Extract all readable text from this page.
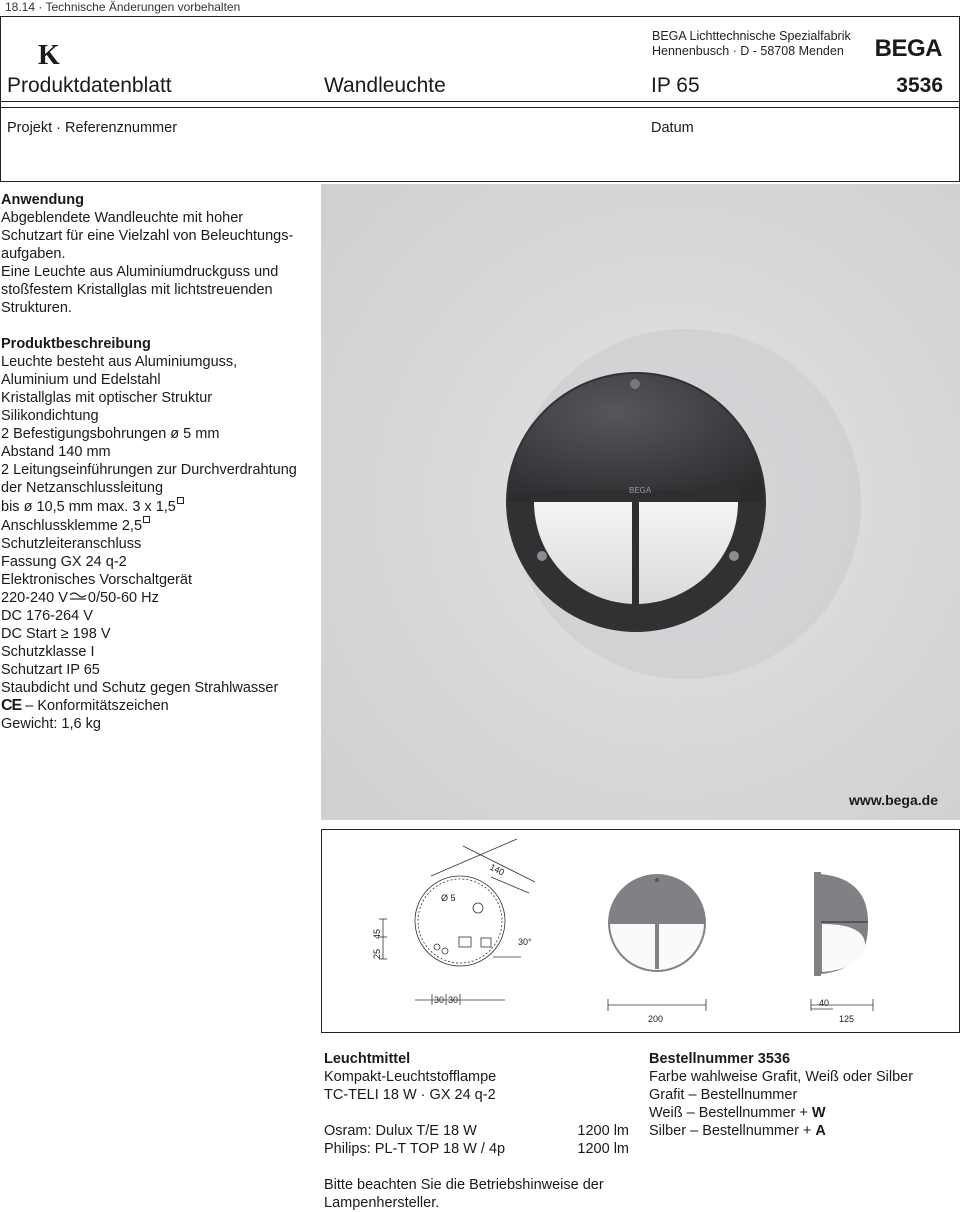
18.14 · Technische Änderungen vorbehalten
K
BEGA Lichttechnische Spezialfabrik
Hennenbusch · D - 58708 Menden BEGA
Produktdatenblatt	Wandleuchte	IP 65	3536
Projekt · Referenznummer	Datum
Anwendung

Abgeblendete Wandleuchte mit hoher

Schutzart für eine Vielzahl von Beleuchtungs-

aufgaben.

Eine Leuchte aus Aluminiumdruckguss und

stoßfestem Kristallglas mit lichtstreuenden

Strukturen.

Produktbeschreibung

Leuchte besteht aus Aluminiumguss,

Aluminium und Edelstahl

Kristallglas mit optischer Struktur

Silikondichtung

2 Befestigungsbohrungen ø 5 mm

Abstand 140 mm

2 Leitungseinführungen zur Durchverdrahtung

der Netzanschlussleitung

bis ø 10,5 mm max. 3 x 1,5

Anschlussklemme 2,5

Schutzleiteranschluss

Fassung GX 24 q-2

Elektronisches Vorschaltgerät

220-240 V 0/50-60 Hz

DC 176-264 V

DC Start ≥ 198 V

Schutzklasse I

Schutzart IP 65

Staubdicht und Schutz gegen Strahlwasser

CE – Konformitätszeichen

Gewicht: 1,6 kg

BEGA
www.bega.de
140
Ø 5
30°
25
45
30 30
200
40
125
Leuchtmittel

Kompakt-Leuchtstofflampe

TC-TELI 18 W · GX 24 q-2

Osram: Dulux T/E 18 W	1200 lm
Philips: PL-T TOP 18 W / 4p	1200 lm

Bitte beachten Sie die Betriebshinweise der

Lampenhersteller.

Bestellnummer 3536

Farbe wahlweise Grafit, Weiß oder Silber

Grafit – Bestellnummer

Weiß – Bestellnummer + W

Silber – Bestellnummer + A
